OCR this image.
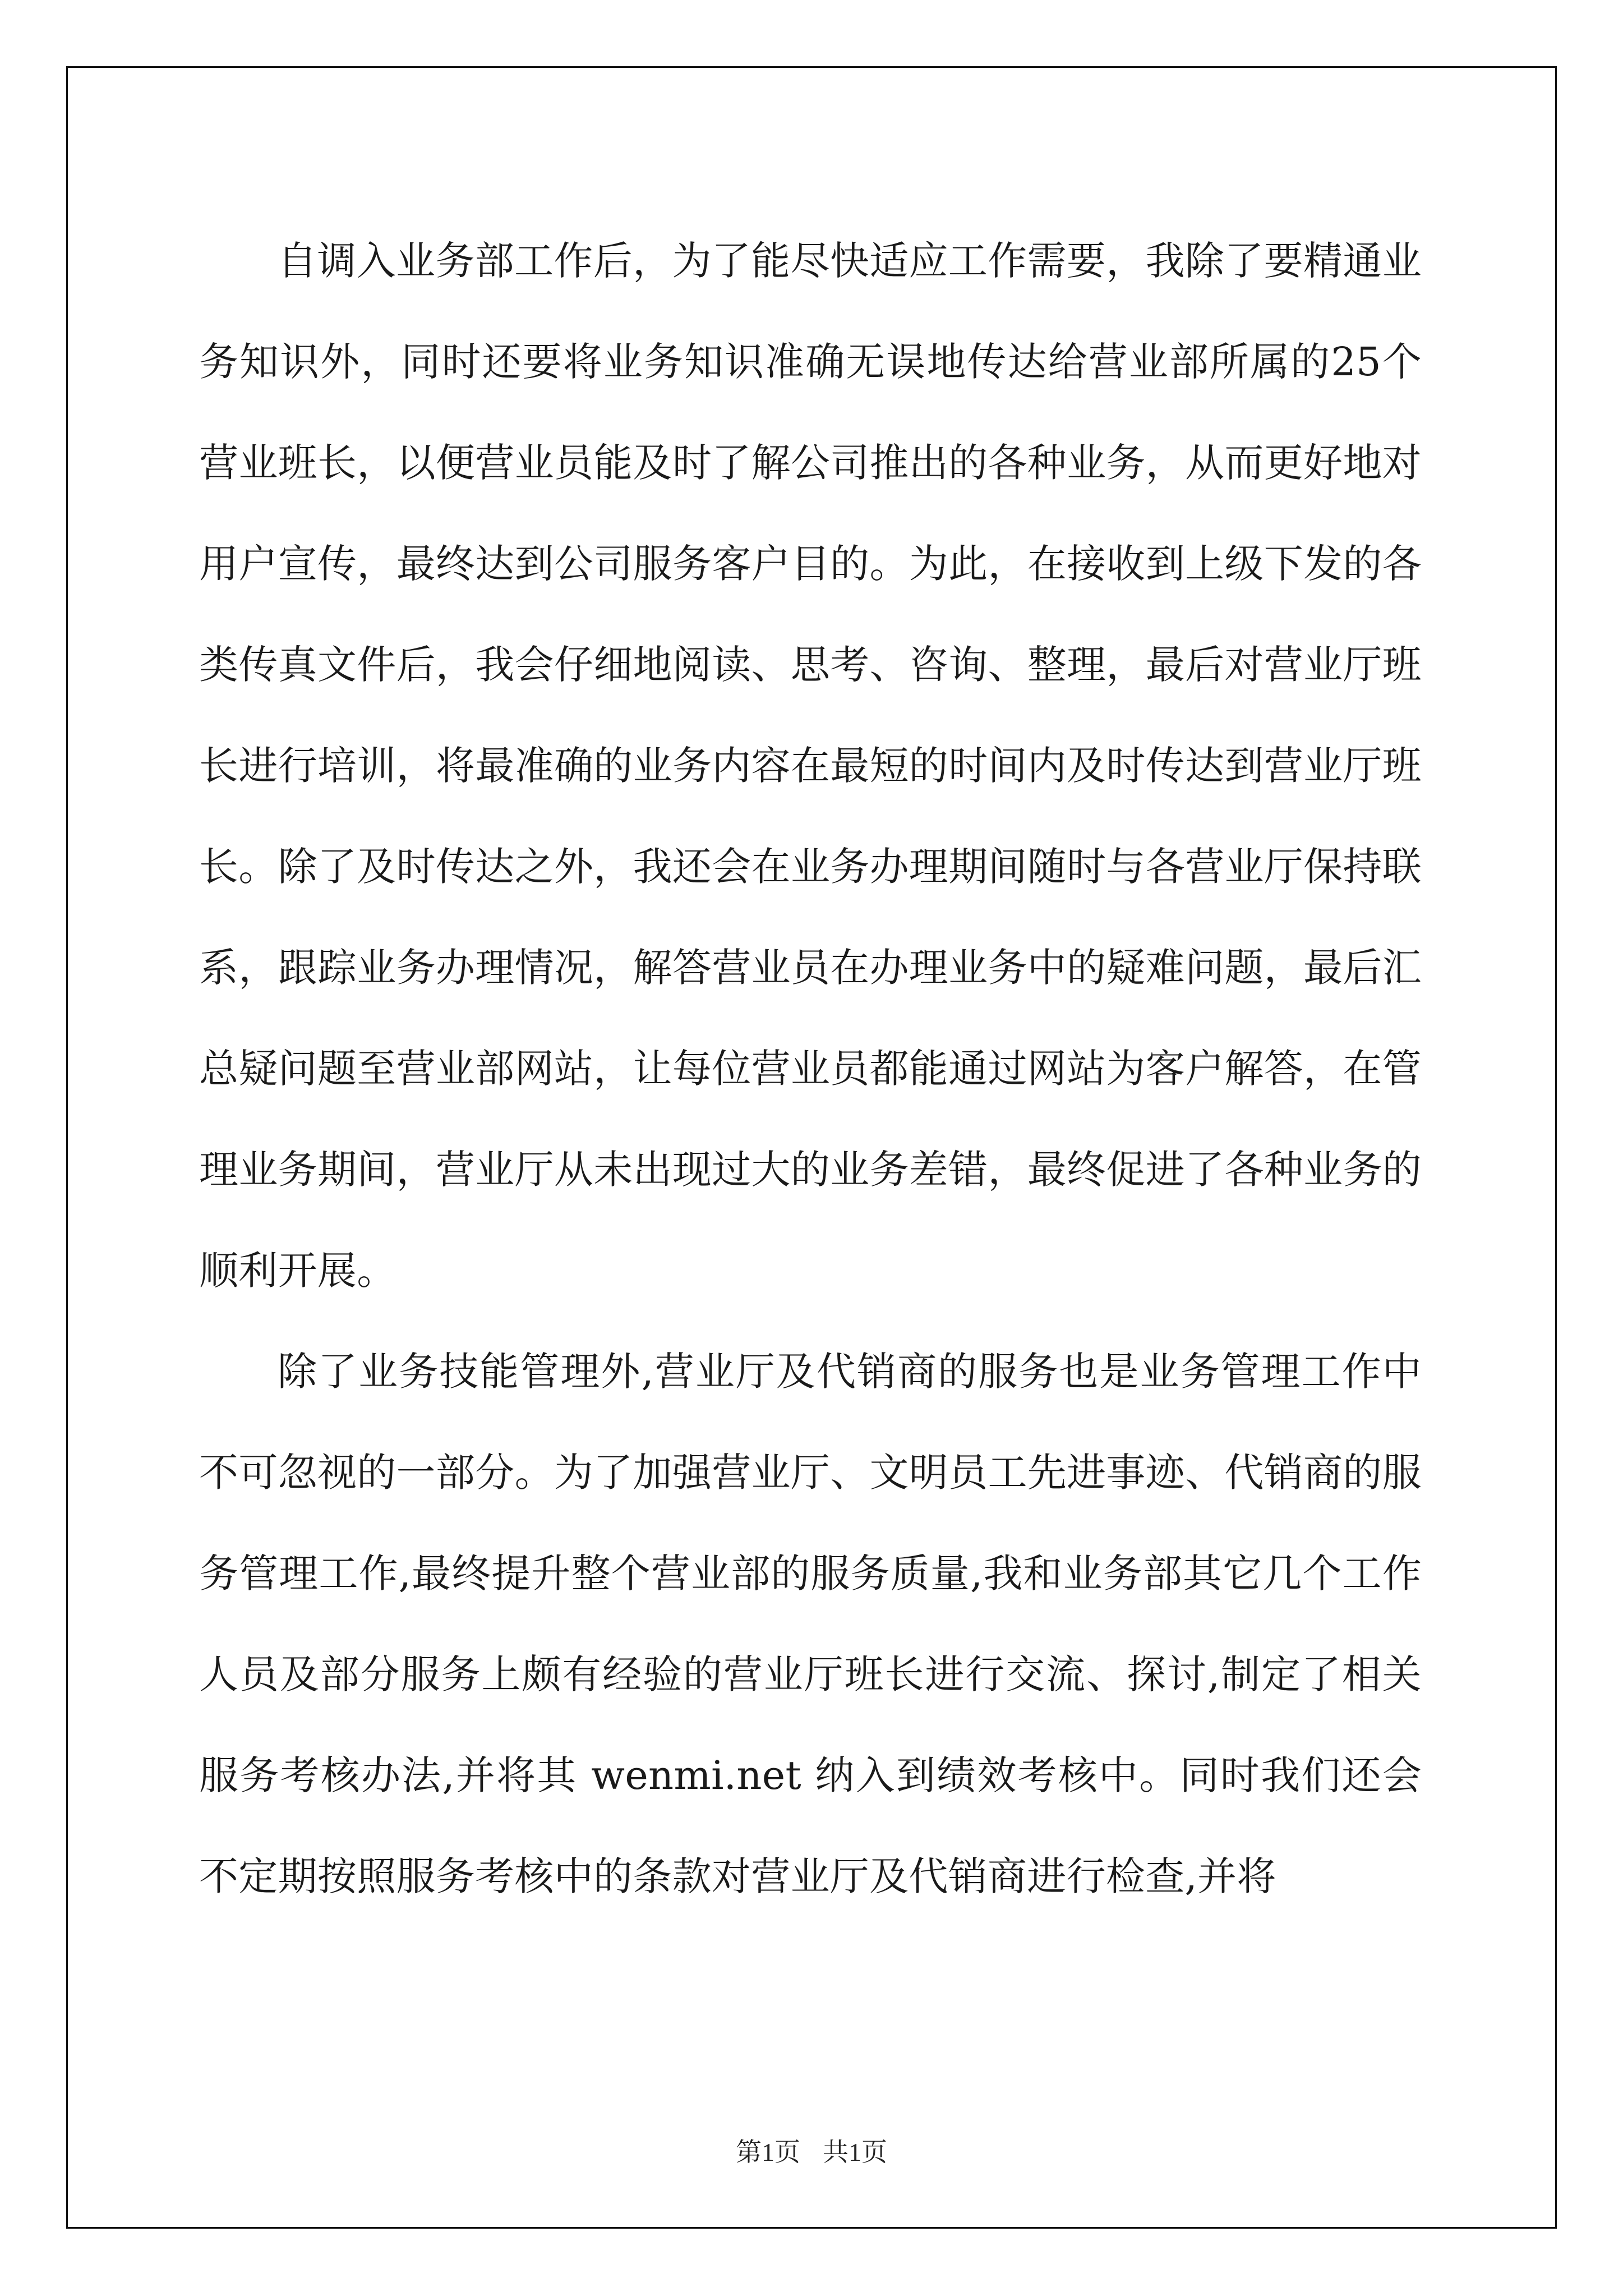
自调入业务部工作后，为了能尽快适应工作需要，我除了要精通业务知识外，同时还要将业务知识准确无误地传达给营业部所属的25个营业班长，以便营业员能及时了解公司推出的各种业务，从而更好地对用户宣传，最终达到公司服务客户目的。为此，在接收到上级下发的各类传真文件后，我会仔细地阅读、思考、咨询、整理，最后对营业厅班长进行培训，将最准确的业务内容在最短的时间内及时传达到营业厅班长。除了及时传达之外，我还会在业务办理期间随时与各营业厅保持联系，跟踪业务办理情况，解答营业员在办理业务中的疑难问题，最后汇总疑问题至营业部网站，让每位营业员都能通过网站为客户解答，在管理业务期间，营业厅从未出现过大的业务差错，最终促进了各种业务的顺利开展。

除了业务技能管理外,营业厅及代销商的服务也是业务管理工作中不可忽视的一部分。为了加强营业厅、文明员工先进事迹、代销商的服务管理工作,最终提升整个营业部的服务质量,我和业务部其它几个工作人员及部分服务上颇有经验的营业厅班长进行交流、探讨,制定了相关服务考核办法,并将其 wenmi.net 纳入到绩效考核中。同时我们还会不定期按照服务考核中的条款对营业厅及代销商进行检查,并将

第1页 共1页
